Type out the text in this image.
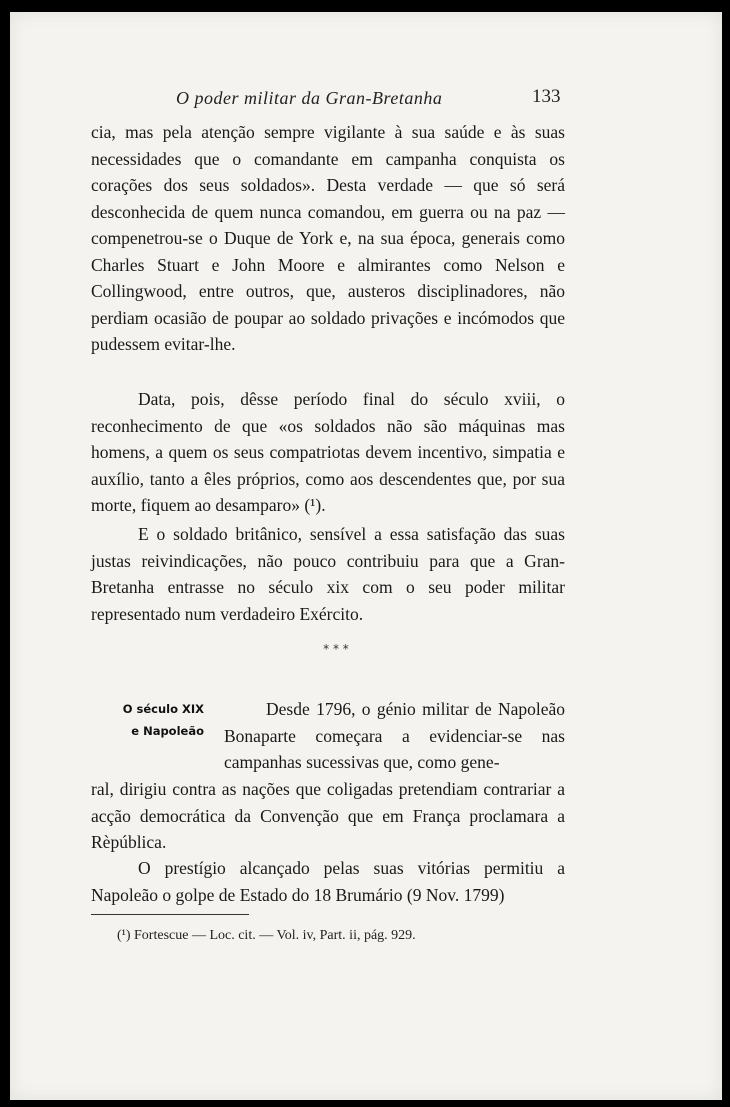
O poder militar da Gran-Bretanha	133

cia, mas pela atenção sempre vigilante à sua saúde e às suas necessidades que o comandante em campanha conquista os corações dos seus soldados». Desta verdade — que só será desconhecida de quem nunca comandou, em guerra ou na paz — compenetrou-se o Duque de York e, na sua época, generais como Charles Stuart e John Moore e almirantes como Nelson e Collingwood, entre outros, que, austeros disciplinadores, não perdiam ocasião de poupar ao soldado privações e incómodos que pudessem evitar-lhe.

Data, pois, dêsse período final do século xviii, o reconhecimento de que «os soldados não são máquinas mas homens, a quem os seus compatriotas devem incentivo, simpatia e auxílio, tanto a êles próprios, como aos descendentes que, por sua morte, fiquem ao desamparo» (¹).

E o soldado britânico, sensível a essa satisfação das suas justas reivindicações, não pouco contribuiu para que a Gran-Bretanha entrasse no século xix com o seu poder militar representado num verdadeiro Exército.

* * *
O século XIX
e Napoleão

Desde 1796, o génio militar de Napoleão Bonaparte começara a evidenciar-se nas campanhas sucessivas que, como gene-

ral, dirigiu contra as nações que coligadas pretendiam contrariar a acção democrática da Convenção que em França proclamara a Rèpública.

O prestígio alcançado pelas suas vitórias permitiu a Napoleão o golpe de Estado do 18 Brumário (9 Nov. 1799)

(¹) Fortescue — Loc. cit. — Vol. iv, Part. ii, pág. 929.
